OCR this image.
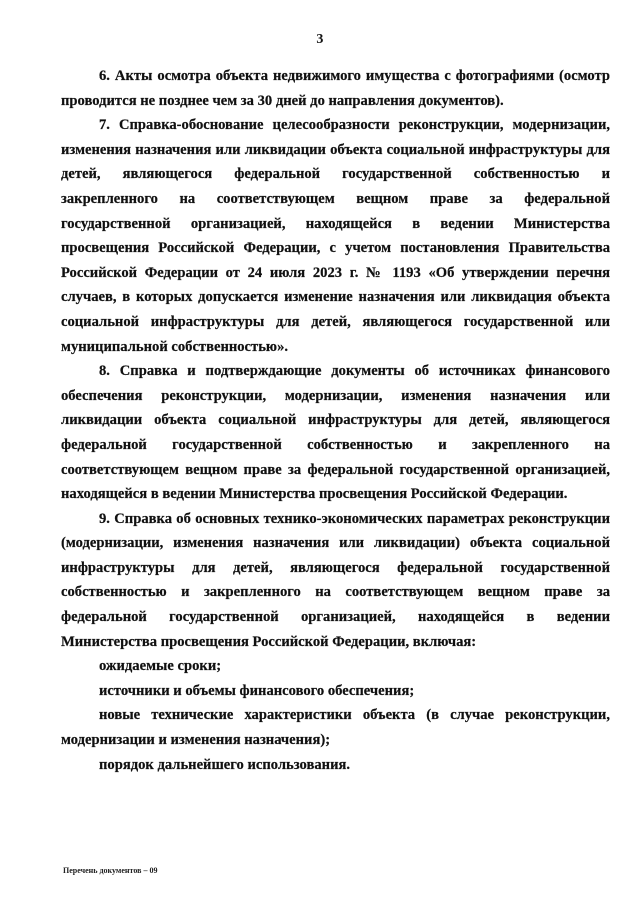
3

6. Акты осмотра объекта недвижимого имущества с фотографиями (осмотр проводится не позднее чем за 30 дней до направления документов).

7. Справка-обоснование целесообразности реконструкции, модернизации, изменения назначения или ликвидации объекта социальной инфраструктуры для детей, являющегося федеральной государственной собственностью и закрепленного на соответствующем вещном праве за федеральной государственной организацией, находящейся в ведении Министерства просвещения Российской Федерации, с учетом постановления Правительства Российской Федерации от 24 июля 2023 г. № 1193 «Об утверждении перечня случаев, в которых допускается изменение назначения или ликвидация объекта социальной инфраструктуры для детей, являющегося государственной или муниципальной собственностью».

8. Справка и подтверждающие документы об источниках финансового обеспечения реконструкции, модернизации, изменения назначения или ликвидации объекта социальной инфраструктуры для детей, являющегося федеральной государственной собственностью и закрепленного на соответствующем вещном праве за федеральной государственной организацией, находящейся в ведении Министерства просвещения Российской Федерации.

9. Справка об основных технико-экономических параметрах реконструкции (модернизации, изменения назначения или ликвидации) объекта социальной инфраструктуры для детей, являющегося федеральной государственной собственностью и закрепленного на соответствующем вещном праве за федеральной государственной организацией, находящейся в ведении Министерства просвещения Российской Федерации, включая:

ожидаемые сроки;

источники и объемы финансового обеспечения;

новые технические характеристики объекта (в случае реконструкции, модернизации и изменения назначения);

порядок дальнейшего использования.

Перечень документов – 09
